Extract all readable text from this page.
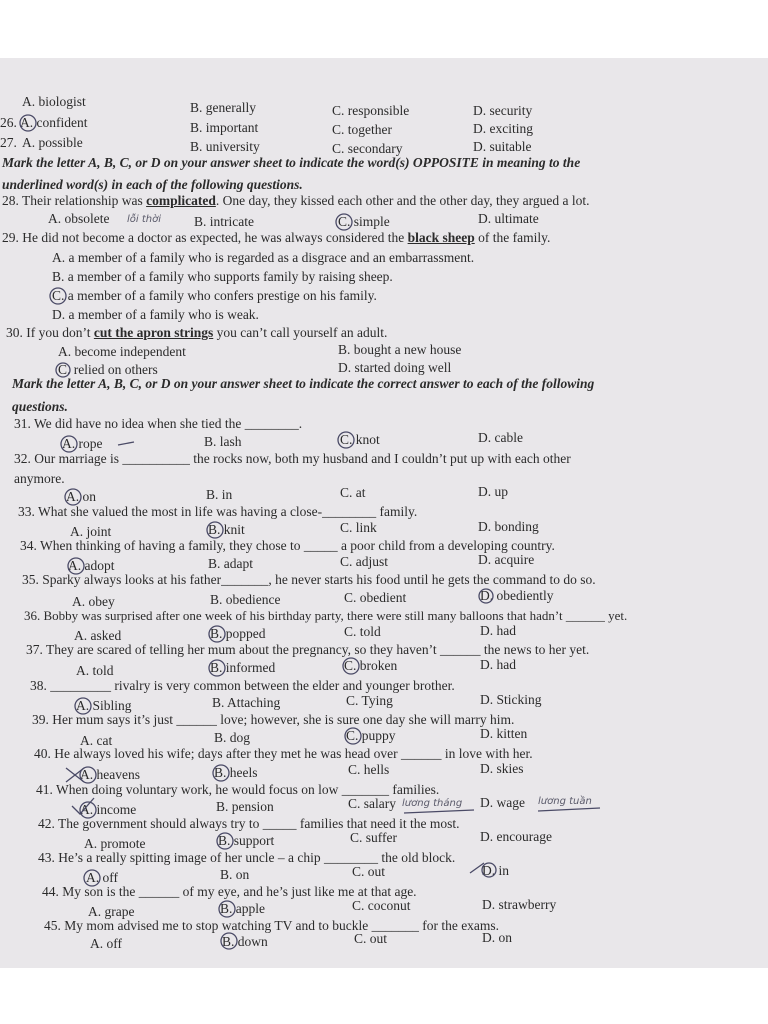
A. biologist	B. generally	C. responsible	D. security
26. A. confident	B. important	C. together	D. exciting
27. A. possible	B. university	C. secondary	D. suitable
Mark the letter A, B, C, or D on your answer sheet to indicate the word(s) OPPOSITE in meaning to the
underlined word(s) in each of the following questions.
28. Their relationship was complicated. One day, they kissed each other and the other day, they argued a lot.
A. obsolete lỗi thời B. intricate	C. simple	D. ultimate
29. He did not become a doctor as expected, he was always considered the black sheep of the family.
A. a member of a family who is regarded as a disgrace and an embarrassment.
B. a member of a family who supports family by raising sheep.
C. a member of a family who confers prestige on his family.
D. a member of a family who is weak.
30. If you don’t cut the apron strings you can’t call yourself an adult.
A. become independent	B. bought a new house
C. relied on others	D. started doing well
Mark the letter A, B, C, or D on your answer sheet to indicate the correct answer to each of the following
questions.
31. We did have no idea when she tied the ________.
A. rope	B. lash	C. knot	D. cable
32. Our marriage is __________ the rocks now, both my husband and I couldn’t put up with each other
anymore.
A. on	B. in	C. at	D. up
33. What she valued the most in life was having a close-________ family.
A. joint	B. knit	C. link	D. bonding
34. When thinking of having a family, they chose to _____ a poor child from a developing country.
A. adopt	B. adapt	C. adjust	D. acquire
35. Sparky always looks at his father_______, he never starts his food until he gets the command to do so.
A. obey	B. obedience	C. obedient	D. obediently
36. Bobby was surprised after one week of his birthday party, there were still many balloons that hadn’t ______ yet.
A. asked	B. popped	C. told	D. had
37. They are scared of telling her mum about the pregnancy, so they haven’t ______ the news to her yet.
A. told	B. informed	C. broken	D. had
38. _________ rivalry is very common between the elder and younger brother.
A. Sibling	B. Attaching	C. Tying	D. Sticking
39. Her mum says it’s just ______ love; however, she is sure one day she will marry him.
A. cat	B. dog	C. puppy	D. kitten
40. He always loved his wife; days after they met he was head over ______ in love with her.
A. heavens	B. heels	C. hells	D. skies
41. When doing voluntary work, he would focus on low _______ families.
A. income	B. pension	C. salary lương tháng D. wage lương tuần
42. The government should always try to _____ families that need it the most.
A. promote	B. support	C. suffer	D. encourage
43. He’s a really spitting image of her uncle – a chip ________ the old block.
A. off	B. on	C. out	D. in
44. My son is the ______ of my eye, and he’s just like me at that age.
A. grape	B. apple	C. coconut	D. strawberry
45. My mom advised me to stop watching TV and to buckle _______ for the exams.
A. off	B. down	C. out	D. on
